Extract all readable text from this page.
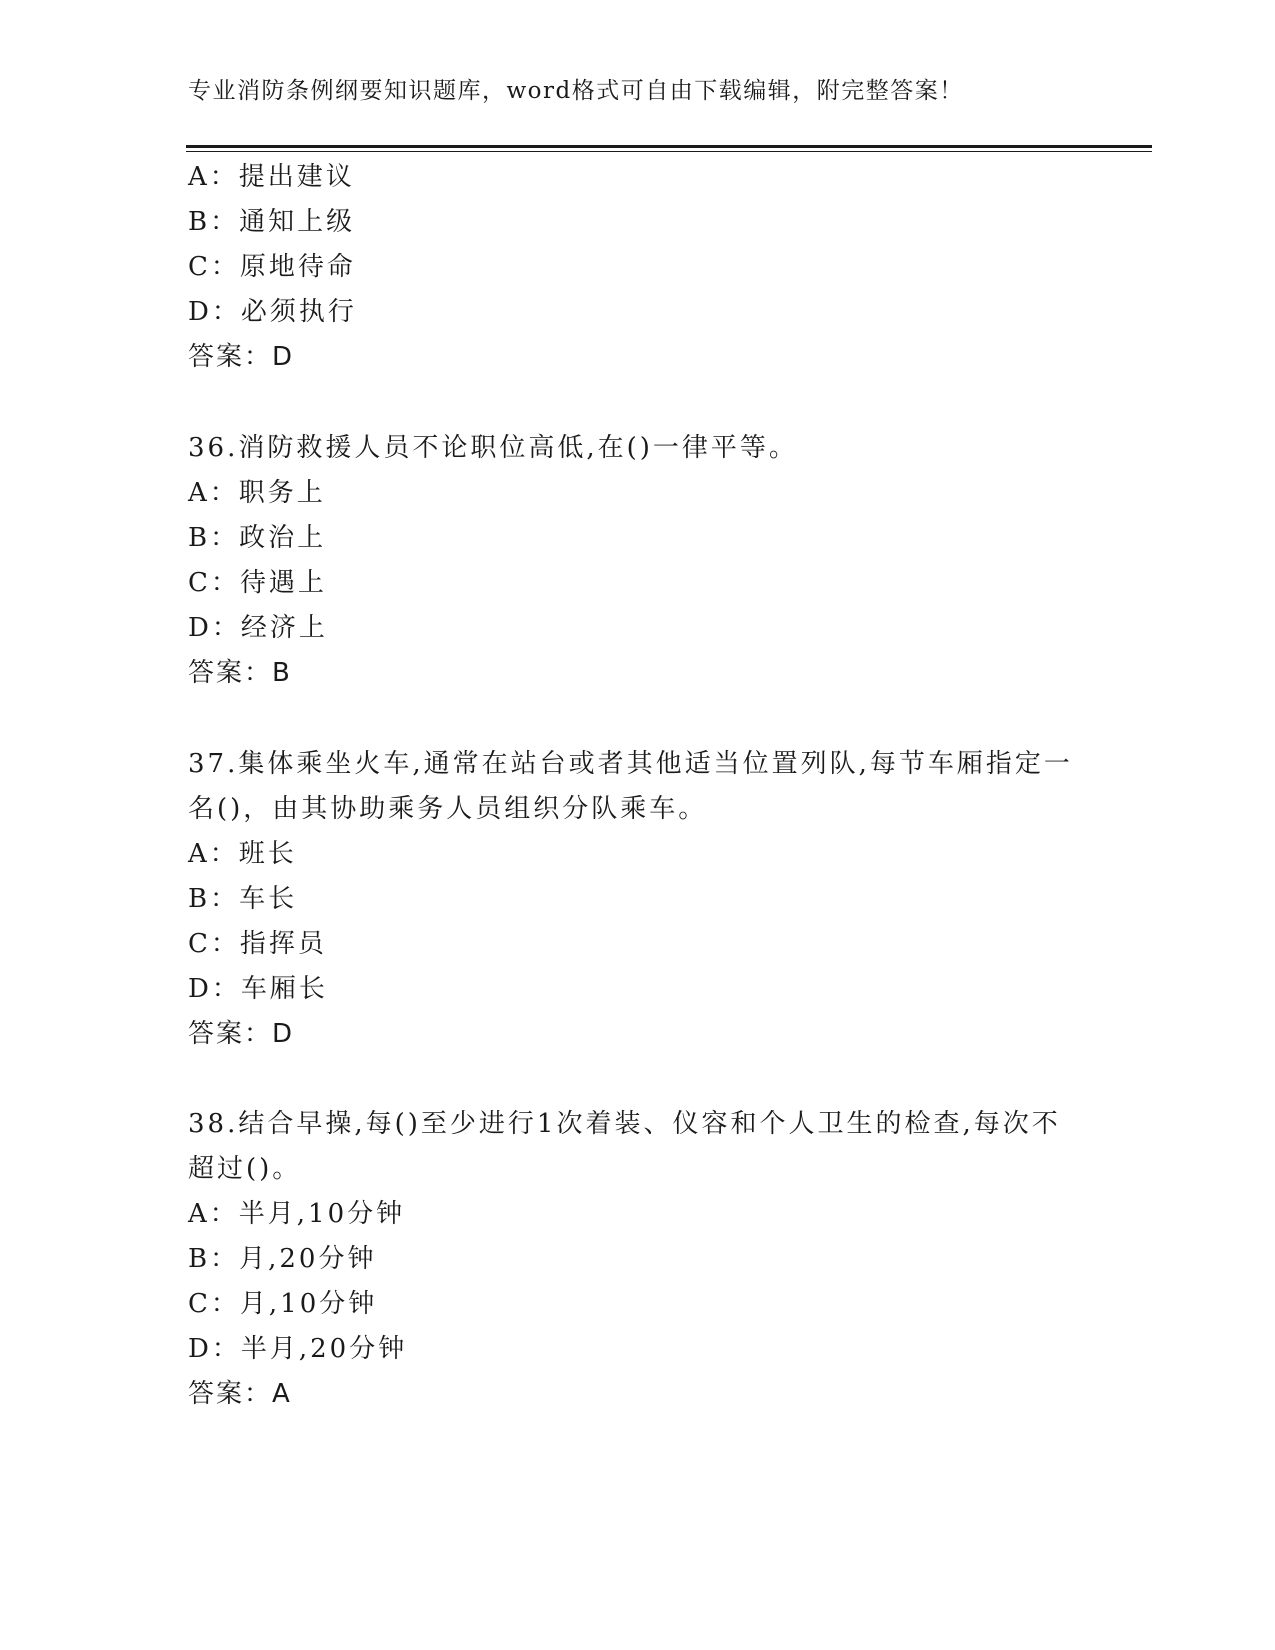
专业消防条例纲要知识题库，word格式可自由下载编辑，附完整答案！
A：提出建议
B：通知上级
C：原地待命
D：必须执行
答案：D
36.消防救援人员不论职位高低,在()一律平等。
A：职务上
B：政治上
C：待遇上
D：经济上
答案：B
37.集体乘坐火车,通常在站台或者其他适当位置列队,每节车厢指定一
名()，由其协助乘务人员组织分队乘车。
A：班长
B：车长
C：指挥员
D：车厢长
答案：D
38.结合早操,每()至少进行1次着装、仪容和个人卫生的检查,每次不
超过()。
A：半月,10分钟
B：月,20分钟
C：月,10分钟
D：半月,20分钟
答案：A
